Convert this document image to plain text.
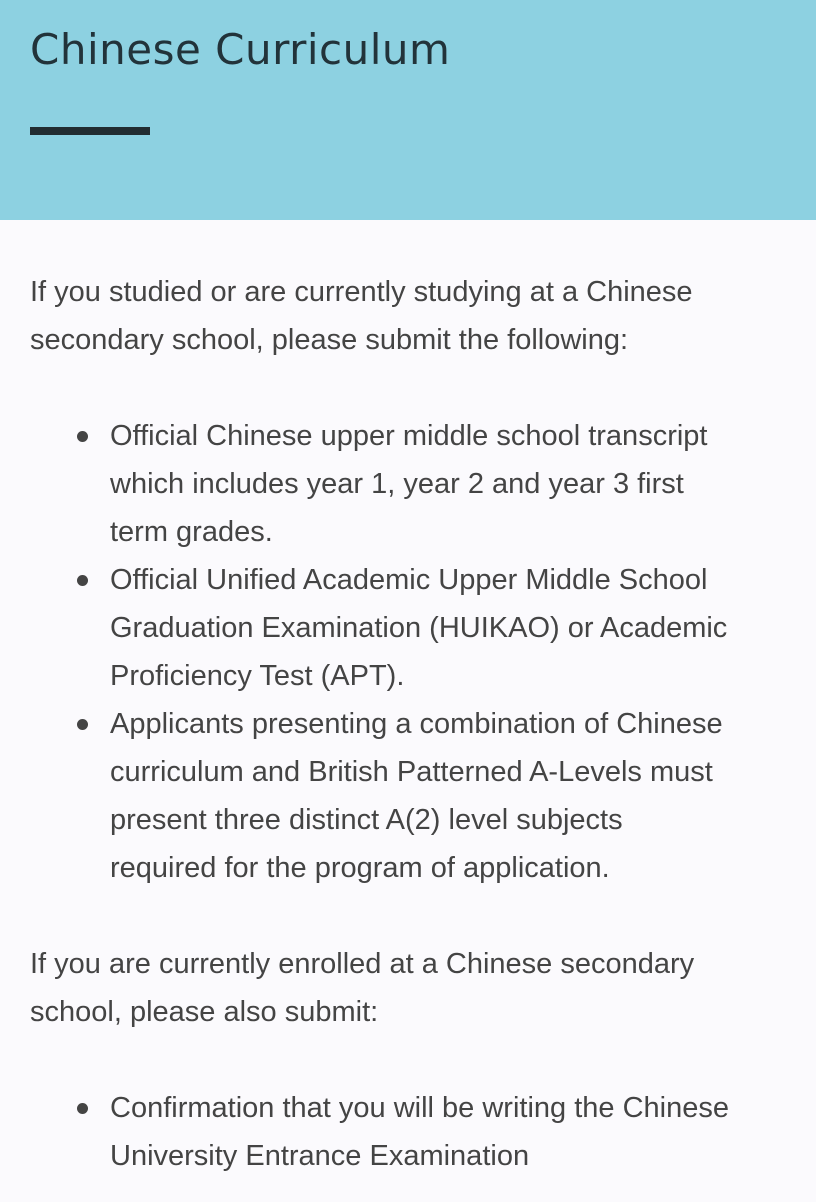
Chinese Curriculum

If you studied or are currently studying at a Chinese
secondary school, please submit the following:

Official Chinese upper middle school transcript
which includes year 1, year 2 and year 3 first
term grades.
Official Unified Academic Upper Middle School
Graduation Examination (HUIKAO) or Academic
Proficiency Test (APT).
Applicants presenting a combination of Chinese
curriculum and British Patterned A-Levels must
present three distinct A(2) level subjects
required for the program of application.

If you are currently enrolled at a Chinese secondary
school, please also submit:

Confirmation that you will be writing the Chinese
University Entrance Examination
